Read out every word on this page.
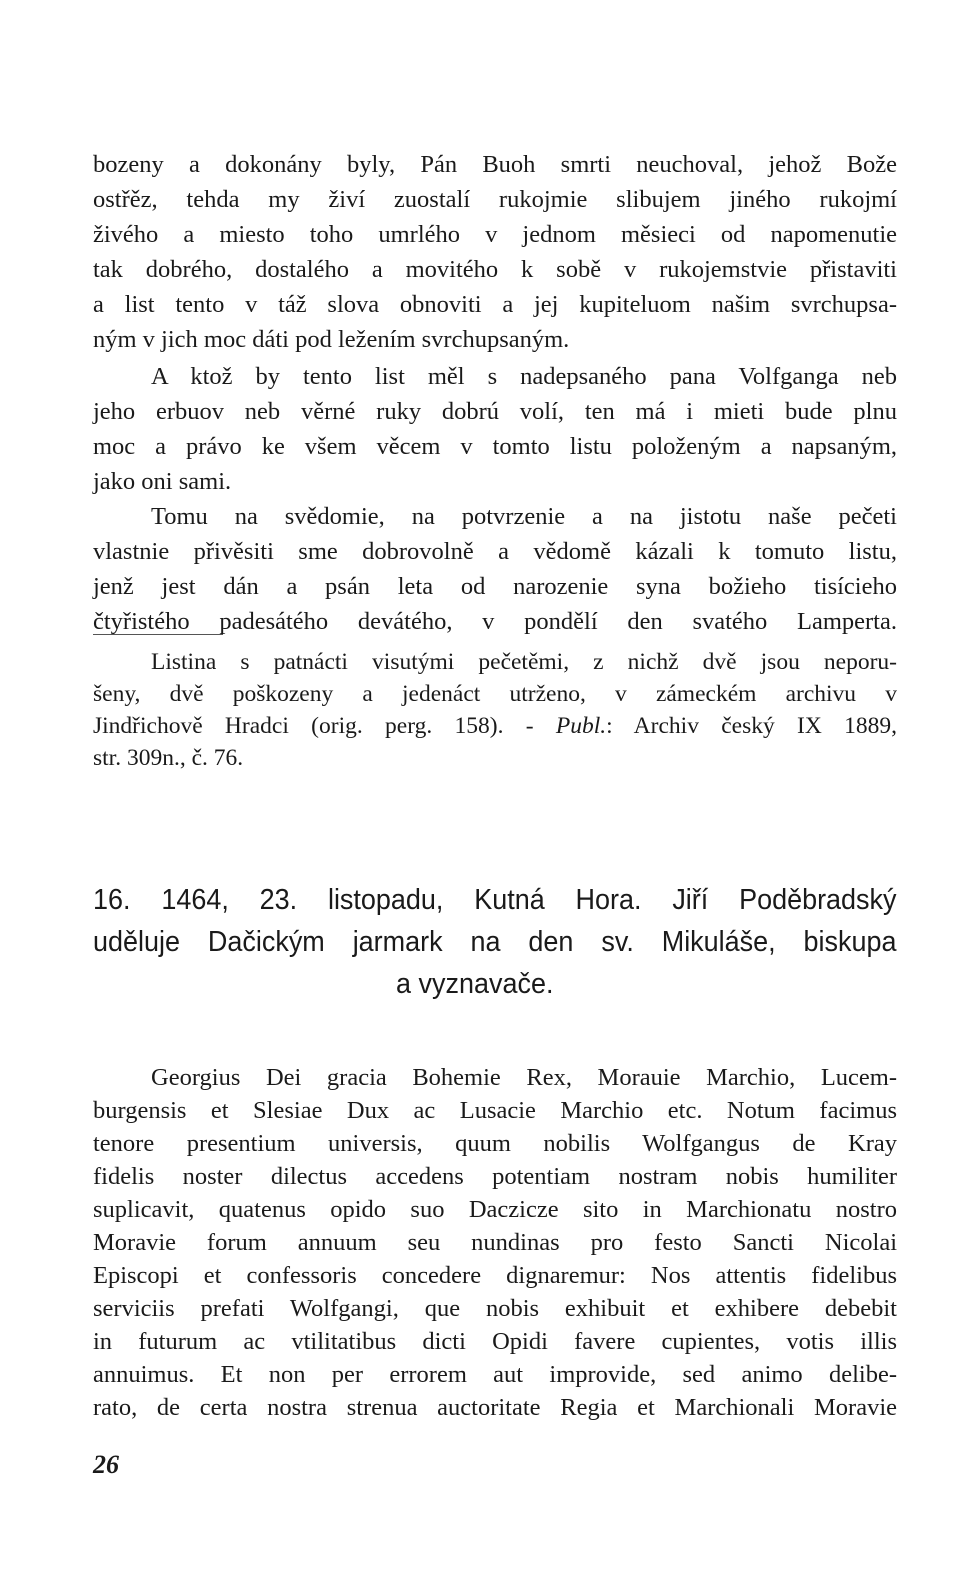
bozeny a dokonány byly, Pán Buoh smrti neuchoval, jehož Bože
ostřěz, tehda my živí zuostalí rukojmie slibujem jiného rukojmí
živého a miesto toho umrlého v jednom měsieci od napomenutie
tak dobrého, dostalého a movitého k sobě v rukojemstvie přistaviti
a list tento v táž slova obnoviti a jej kupiteluom našim svrchupsa-
ným v jich moc dáti pod ležením svrchupsaným.
A ktož by tento list měl s nadepsaného pana Volfganga neb
jeho erbuov neb věrné ruky dobrú volí, ten má i mieti bude plnu
moc a právo ke všem věcem v tomto listu položeným a napsaným,
jako oni sami.
Tomu na svědomie, na potvrzenie a na jistotu naše pečeti
vlastnie přivěsiti sme dobrovolně a vědomě kázali k tomuto listu,
jenž jest dán a psán leta od narozenie syna božieho tisícieho
čtyřistého padesátého devátého, v pondělí den svatého Lamperta.
Listina s patnácti visutými pečetěmi, z nichž dvě jsou neporu-
šeny, dvě poškozeny a jedenáct utrženo, v zámeckém archivu v
Jindřichově Hradci (orig. perg. 158). - Publ.: Archiv český IX 1889,
str. 309n., č. 76.
16. 1464, 23. listopadu, Kutná Hora. Jiří Poděbradský
uděluje Dačickým jarmark na den sv. Mikuláše, biskupa
a vyznavače.
Georgius Dei gracia Bohemie Rex, Morauie Marchio, Lucem-
burgensis et Slesiae Dux ac Lusacie Marchio etc. Notum facimus
tenore presentium universis, quum nobilis Wolfgangus de Kray
fidelis noster dilectus accedens potentiam nostram nobis humiliter
suplicavit, quatenus opido suo Daczicze sito in Marchionatu nostro
Moravie forum annuum seu nundinas pro festo Sancti Nicolai
Episcopi et confessoris concedere dignaremur: Nos attentis fidelibus
serviciis prefati Wolfgangi, que nobis exhibuit et exhibere debebit
in futurum ac vtilitatibus dicti Opidi favere cupientes, votis illis
annuimus. Et non per errorem aut improvide, sed animo delibe-
rato, de certa nostra strenua auctoritate Regia et Marchionali Moravie
26
